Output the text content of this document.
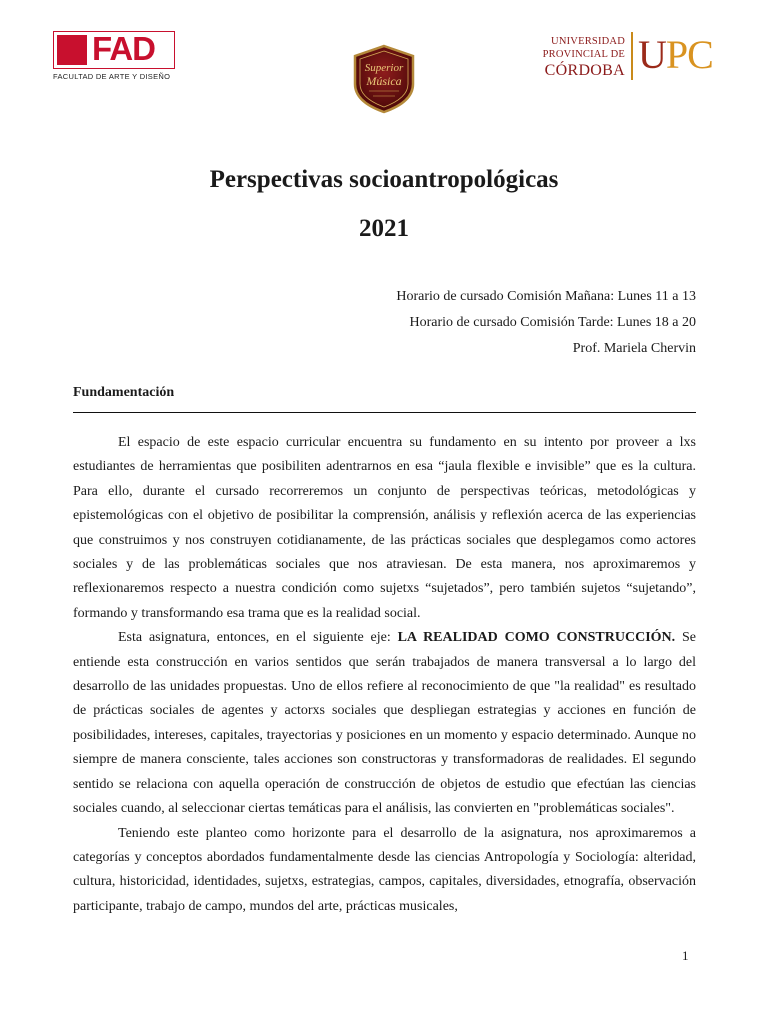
FAD
FACULTAD DE ARTE Y DISEÑO
Superior
Música
UNIVERSIDAD
PROVINCIAL DE
CÓRDOBA UPC
Perspectivas socioantropológicas
2021
Horario de cursado Comisión Mañana: Lunes 11 a 13
Horario de cursado Comisión Tarde: Lunes 18 a 20
Prof. Mariela Chervin
Fundamentación

El espacio de este espacio curricular encuentra su fundamento en su intento por proveer a lxs estudiantes de herramientas que posibiliten adentrarnos en esa “jaula flexible e invisible” que es la cultura. Para ello, durante el cursado recorreremos un conjunto de perspectivas teóricas, metodológicas y epistemológicas con el objetivo de posibilitar la comprensión, análisis y reflexión acerca de las experiencias que construimos y nos construyen cotidianamente, de las prácticas sociales que desplegamos como actores sociales y de las problemáticas sociales que nos atraviesan. De esta manera, nos aproximaremos y reflexionaremos respecto a nuestra condición como sujetxs “sujetados”, pero también sujetos “sujetando”, formando y transformando esa trama que es la realidad social.

Esta asignatura, entonces, en el siguiente eje: LA REALIDAD COMO CONSTRUCCIÓN. Se entiende esta construcción en varios sentidos que serán trabajados de manera transversal a lo largo del desarrollo de las unidades propuestas. Uno de ellos refiere al reconocimiento de que "la realidad" es resultado de prácticas sociales de agentes y actorxs sociales que despliegan estrategias y acciones en función de posibilidades, intereses, capitales, trayectorias y posiciones en un momento y espacio determinado. Aunque no siempre de manera consciente, tales acciones son constructoras y transformadoras de realidades. El segundo sentido se relaciona con aquella operación de construcción de objetos de estudio que efectúan las ciencias sociales cuando, al seleccionar ciertas temáticas para el análisis, las convierten en "problemáticas sociales".

Teniendo este planteo como horizonte para el desarrollo de la asignatura, nos aproximaremos a categorías y conceptos abordados fundamentalmente desde las ciencias Antropología y Sociología: alteridad, cultura, historicidad, identidades, sujetxs, estrategias, campos, capitales, diversidades, etnografía, observación participante, trabajo de campo, mundos del arte, prácticas musicales,

1
